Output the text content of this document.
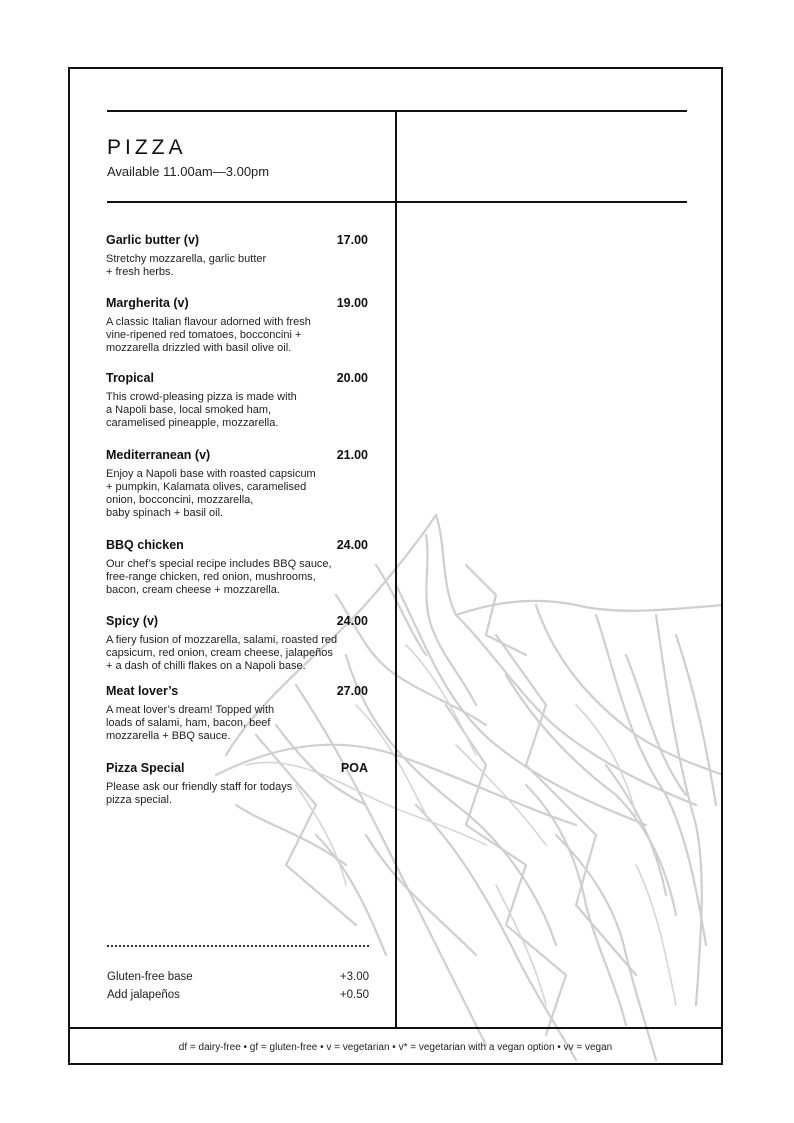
PIZZA
Available 11.00am—3.00pm
Garlic butter (v)	17.00
Stretchy mozzarella, garlic butter
+ fresh herbs.
Margherita (v)	19.00
A classic Italian flavour adorned with fresh
vine-ripened red tomatoes, bocconcini +
mozzarella drizzled with basil olive oil.
Tropical	20.00
This crowd-pleasing pizza is made with
a Napoli base, local smoked ham,
caramelised pineapple, mozzarella.
Mediterranean (v)	21.00
Enjoy a Napoli base with roasted capsicum
+ pumpkin, Kalamata olives, caramelised
onion, bocconcini, mozzarella,
baby spinach + basil oil.
BBQ chicken	24.00
Our chef’s special recipe includes BBQ sauce,
free-range chicken, red onion, mushrooms,
bacon, cream cheese + mozzarella.
Spicy (v)	24.00
A fiery fusion of mozzarella, salami, roasted red
capsicum, red onion, cream cheese, jalapeños
+ a dash of chilli flakes on a Napoli base.
Meat lover’s	27.00
A meat lover’s dream! Topped with
loads of salami, ham, bacon, beef
mozzarella + BBQ sauce.
Pizza Special	POA
Please ask our friendly staff for todays
pizza special.
Gluten-free base	+3.00
Add jalapeños	+0.50
df = dairy-free • gf = gluten-free • v = vegetarian • v* = vegetarian with a vegan option • vv = vegan
